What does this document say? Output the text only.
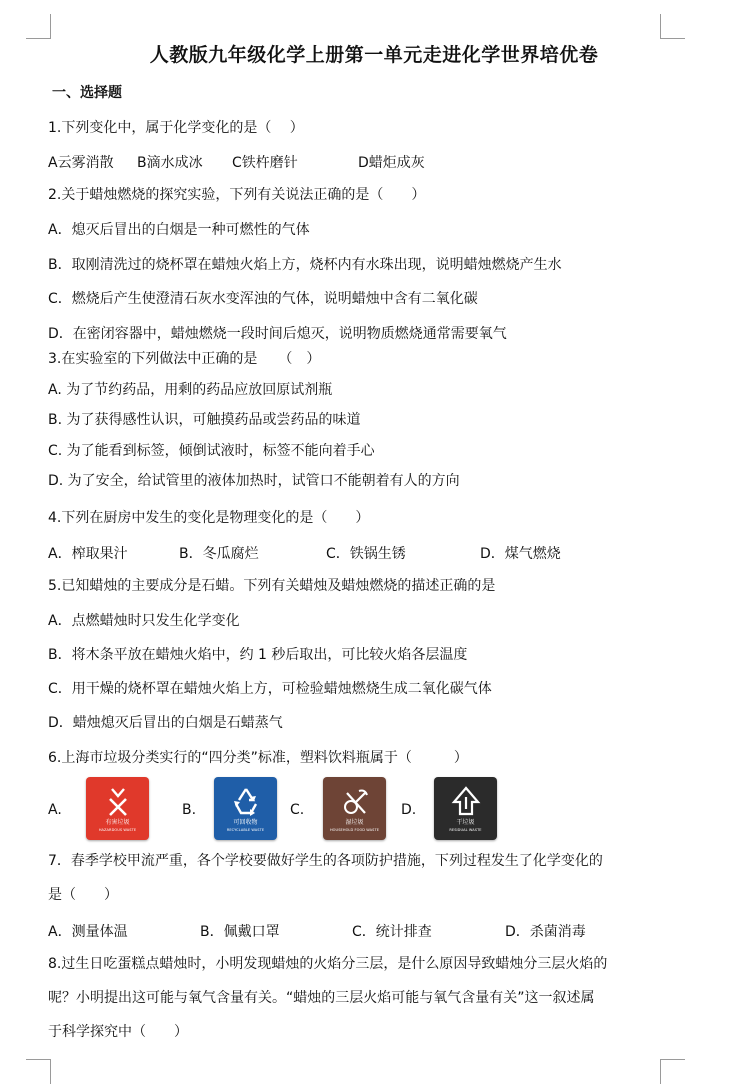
人教版九年级化学上册第一单元走进化学世界培优卷
一、选择题
1.下列变化中，属于化学变化的是（　 ）
A云雾消散 B滴水成冰 C铁杵磨针	D蜡炬成灰
2.关于蜡烛燃烧的探究实验，下列有关说法正确的是（　　）
A．熄灭后冒出的白烟是一种可燃性的气体
B．取刚清洗过的烧杯罩在蜡烛火焰上方，烧杯内有水珠出现，说明蜡烛燃烧产生水
C．燃烧后产生使澄清石灰水变浑浊的气体，说明蜡烛中含有二氧化碳
D．在密闭容器中，蜡烛燃烧一段时间后熄灭，说明物质燃烧通常需要氧气
3.在实验室的下列做法中正确的是　　（　）
A. 为了节约药品，用剩的药品应放回原试剂瓶
B. 为了获得感性认识，可触摸药品或尝药品的味道
C. 为了能看到标签，倾倒试液时，标签不能向着手心
D. 为了安全，给试管里的液体加热时，试管口不能朝着有人的方向
4.下列在厨房中发生的变化是物理变化的是（　　）
A．榨取果汁	B．冬瓜腐烂	C．铁锅生锈	D．煤气燃烧
5.已知蜡烛的主要成分是石蜡。下列有关蜡烛及蜡烛燃烧的描述正确的是
A．点燃蜡烛时只发生化学变化
B．将木条平放在蜡烛火焰中，约 1 秒后取出，可比较火焰各层温度
C．用干燥的烧杯罩在蜡烛火焰上方，可检验蜡烛燃烧生成二氧化碳气体
D．蜡烛熄灭后冒出的白烟是石蜡蒸气
6.上海市垃圾分类实行的“四分类”标准，塑料饮料瓶属于（　　　）
A.
有害垃圾
HAZARDOUS WASTE
B.
可回收物
RECYCLABLE WASTE
C.
湿垃圾
HOUSEHOLD FOOD WASTE
D.
干垃圾
RESIDUAL WASTE
7．春季学校甲流严重，各个学校要做好学生的各项防护措施，下列过程发生了化学变化的
是（　　）
A．测量体温	B．佩戴口罩	C．统计排查	D．杀菌消毒
8.过生日吃蛋糕点蜡烛时，小明发现蜡烛的火焰分三层，是什么原因导致蜡烛分三层火焰的
呢？小明提出这可能与氧气含量有关。“蜡烛的三层火焰可能与氧气含量有关”这一叙述属
于科学探究中（　　）
